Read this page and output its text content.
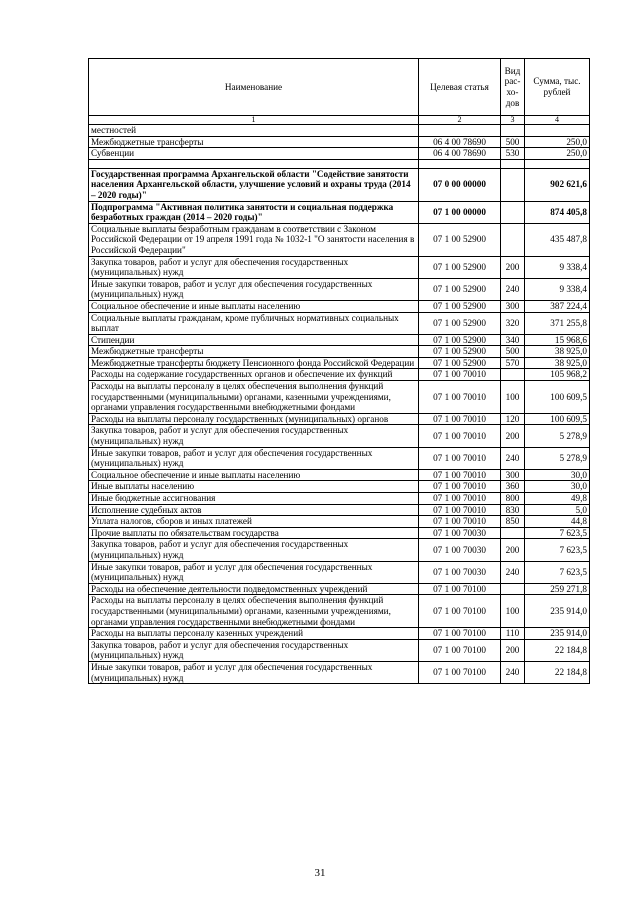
Наименование	Целевая статья	Вид рас-хо-дов	Сумма, тыс. рублей
1	2	3	4
местностей			
Межбюджетные трансферты	06 4 00 78690	500	250,0
Субвенции	06 4 00 78690	530	250,0

Государственная программа Архангельской области "Содействие занятости населения Архангельской области, улучшение условий и охраны труда (2014 – 2020 годы)"	07 0 00 00000		902 621,6
Подпрограмма "Активная политика занятости и социальная поддержка безработных граждан (2014 – 2020 годы)"	07 1 00 00000		874 405,8
Социальные выплаты безработным гражданам в соответствии с Законом Российской Федерации от 19 апреля 1991 года № 1032-1 "О занятости населения в Российской Федерации"	07 1 00 52900		435 487,8
Закупка товаров, работ и услуг для обеспечения государственных (муниципальных) нужд	07 1 00 52900	200	9 338,4
Иные закупки товаров, работ и услуг для обеспечения государственных (муниципальных) нужд	07 1 00 52900	240	9 338,4
Социальное обеспечение и иные выплаты населению	07 1 00 52900	300	387 224,4
Социальные выплаты гражданам, кроме публичных нормативных социальных выплат	07 1 00 52900	320	371 255,8
Стипендии	07 1 00 52900	340	15 968,6
Межбюджетные трансферты	07 1 00 52900	500	38 925,0
Межбюджетные трансферты бюджету Пенсионного фонда Российской Федерации	07 1 00 52900	570	38 925,0
Расходы на содержание государственных органов и обеспечение их функций	07 1 00 70010		105 968,2
Расходы на выплаты персоналу в целях обеспечения выполнения функций государственными (муниципальными) органами, казенными учреждениями, органами управления государственными внебюджетными фондами	07 1 00 70010	100	100 609,5
Расходы на выплаты персоналу государственных (муниципальных) органов	07 1 00 70010	120	100 609,5
Закупка товаров, работ и услуг для обеспечения государственных (муниципальных) нужд	07 1 00 70010	200	5 278,9
Иные закупки товаров, работ и услуг для обеспечения государственных (муниципальных) нужд	07 1 00 70010	240	5 278,9
Социальное обеспечение и иные выплаты населению	07 1 00 70010	300	30,0
Иные выплаты населению	07 1 00 70010	360	30,0
Иные бюджетные ассигнования	07 1 00 70010	800	49,8
Исполнение судебных актов	07 1 00 70010	830	5,0
Уплата налогов, сборов и иных платежей	07 1 00 70010	850	44,8
Прочие выплаты по обязательствам государства	07 1 00 70030		7 623,5
Закупка товаров, работ и услуг для обеспечения государственных (муниципальных) нужд	07 1 00 70030	200	7 623,5
Иные закупки товаров, работ и услуг для обеспечения государственных (муниципальных) нужд	07 1 00 70030	240	7 623,5
Расходы на обеспечение деятельности подведомственных учреждений	07 1 00 70100		259 271,8
Расходы на выплаты персоналу в целях обеспечения выполнения функций государственными (муниципальными) органами, казенными учреждениями, органами управления государственными внебюджетными фондами	07 1 00 70100	100	235 914,0
Расходы на выплаты персоналу казенных учреждений	07 1 00 70100	110	235 914,0
Закупка товаров, работ и услуг для обеспечения государственных (муниципальных) нужд	07 1 00 70100	200	22 184,8
Иные закупки товаров, работ и услуг для обеспечения государственных (муниципальных) нужд	07 1 00 70100	240	22 184,8
31
